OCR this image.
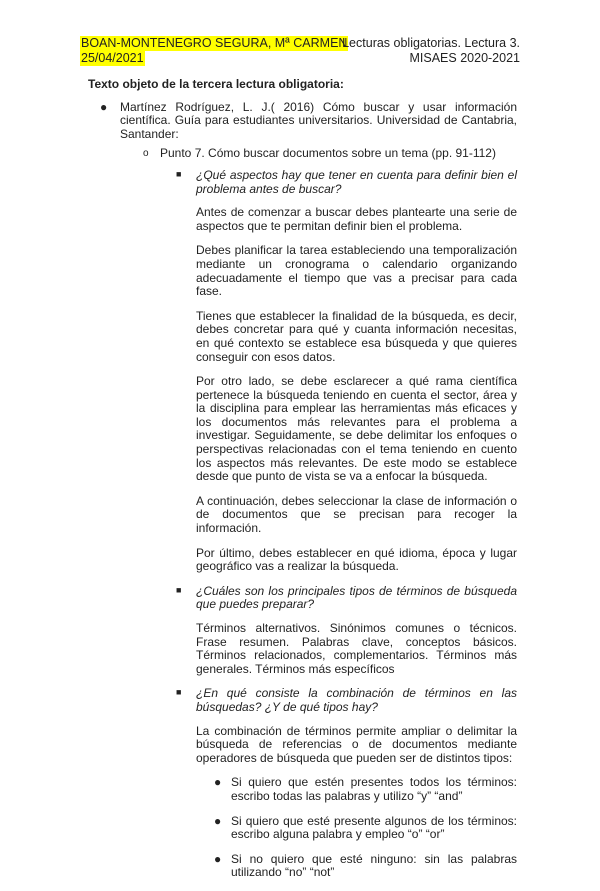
BOAN-MONTENEGRO SEGURA, Mª CARMEN
25/04/2021
Lecturas obligatorias. Lectura 3.
MISAES 2020-2021
Texto objeto de la tercera lectura obligatoria:
● Martínez Rodríguez, L. J.( 2016) Cómo buscar y usar información científica. Guía para estudiantes universitarios. Universidad de Cantabria, Santander:
o Punto 7. Cómo buscar documentos sobre un tema (pp. 91-112)
■ ¿Qué aspectos hay que tener en cuenta para definir bien el problema antes de buscar?
Antes de comenzar a buscar debes plantearte una serie de aspectos que te permitan definir bien el problema.
Debes planificar la tarea estableciendo una temporalización mediante un cronograma o calendario organizando adecuadamente el tiempo que vas a precisar para cada fase.
Tienes que establecer la finalidad de la búsqueda, es decir, debes concretar para qué y cuanta información necesitas, en qué contexto se establece esa búsqueda y que quieres conseguir con esos datos.
Por otro lado, se debe esclarecer a qué rama científica pertenece la búsqueda teniendo en cuenta el sector, área y la disciplina para emplear las herramientas más eficaces y los documentos más relevantes para el problema a investigar. Seguidamente, se debe delimitar los enfoques o perspectivas relacionadas con el tema teniendo en cuento los aspectos más relevantes. De este modo se establece desde que punto de vista se va a enfocar la búsqueda.
A continuación, debes seleccionar la clase de información o de documentos que se precisan para recoger la información.
Por último, debes establecer en qué idioma, época y lugar geográfico vas a realizar la búsqueda.
■ ¿Cuáles son los principales tipos de términos de búsqueda que puedes preparar?
Términos alternativos. Sinónimos comunes o técnicos. Frase resumen. Palabras clave, conceptos básicos. Términos relacionados, complementarios. Términos más generales. Términos más específicos
■ ¿En qué consiste la combinación de términos en las búsquedas? ¿Y de qué tipos hay?
La combinación de términos permite ampliar o delimitar la búsqueda de referencias o de documentos mediante operadores de búsqueda que pueden ser de distintos tipos:
● Si quiero que estén presentes todos los términos: escribo todas las palabras y utilizo “y” “and”
● Si quiero que esté presente algunos de los términos: escribo alguna palabra y empleo “o” “or”
● Si no quiero que esté ninguno: sin las palabras utilizando “no” “not”
